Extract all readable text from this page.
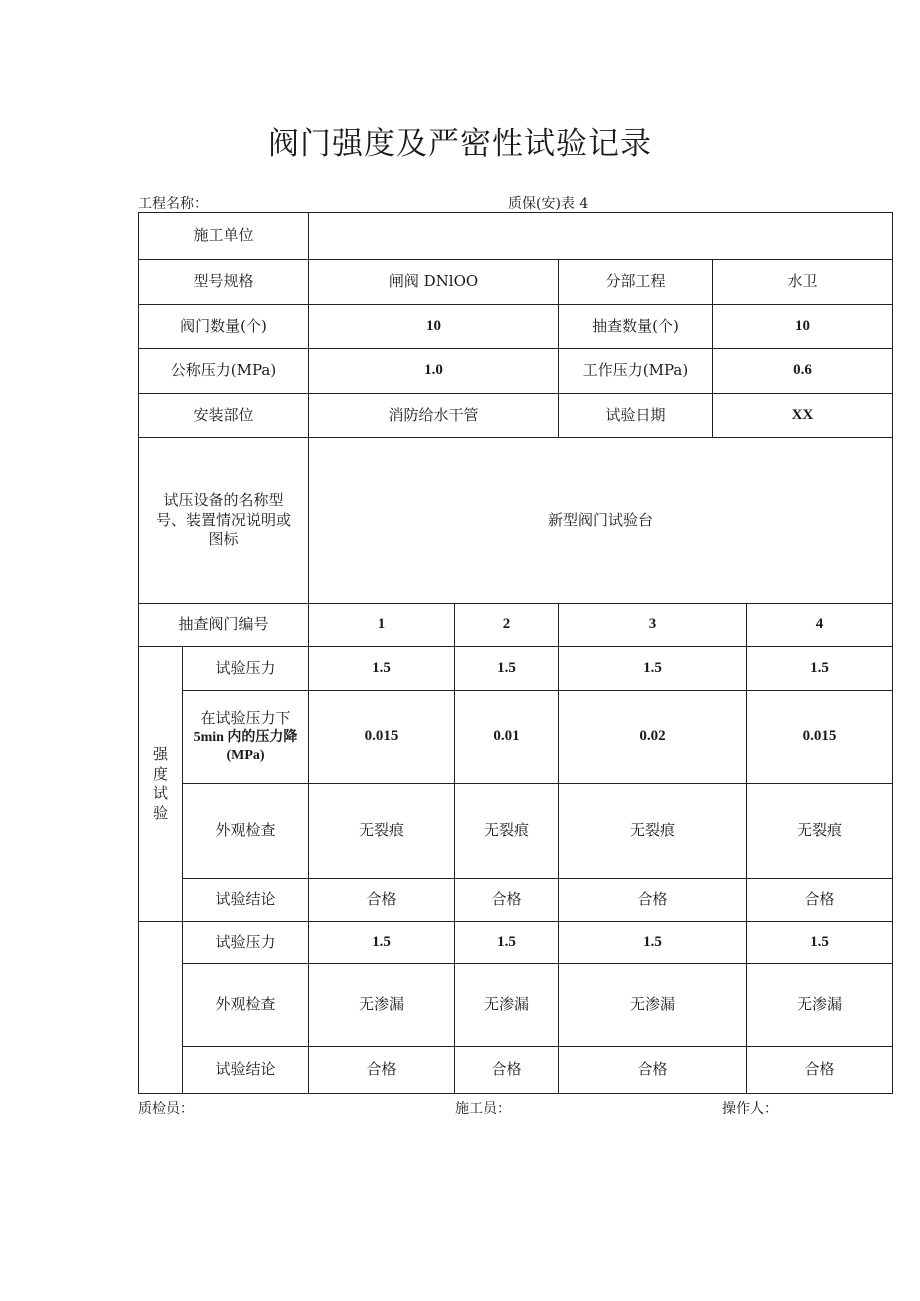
阀门强度及严密性试验记录
工程名称：	质保(安)表 4
施工单位						
型号规格		闸阀 DNlOO		分部工程	水卫	
阀门数量(个)		10		抽查数量(个)	10	
公称压力(MPa)		1.0		工作压力(MPa)	0.6	
安装部位		消防给水干管		试验日期	XX	

试压设备的名称型
号、装置情况说明或
图标		新型阀门试验台				
抽查阀门编号		1	2	3		4

强
度
试
验	试验压力	1.5	1.5	1.5		1.5

	在试验压力下
5min 内的压力降
(MPa)	0.015	0.01	0.02		0.015
	外观检查	无裂痕	无裂痕	无裂痕		无裂痕
	试验结论	合格	合格	合格		合格
	试验压力	1.5	1.5	1.5		1.5
	外观检查	无渗漏	无渗漏	无渗漏		无渗漏
	试验结论	合格	合格	合格		合格
质检员：	施工员：	操作人：
